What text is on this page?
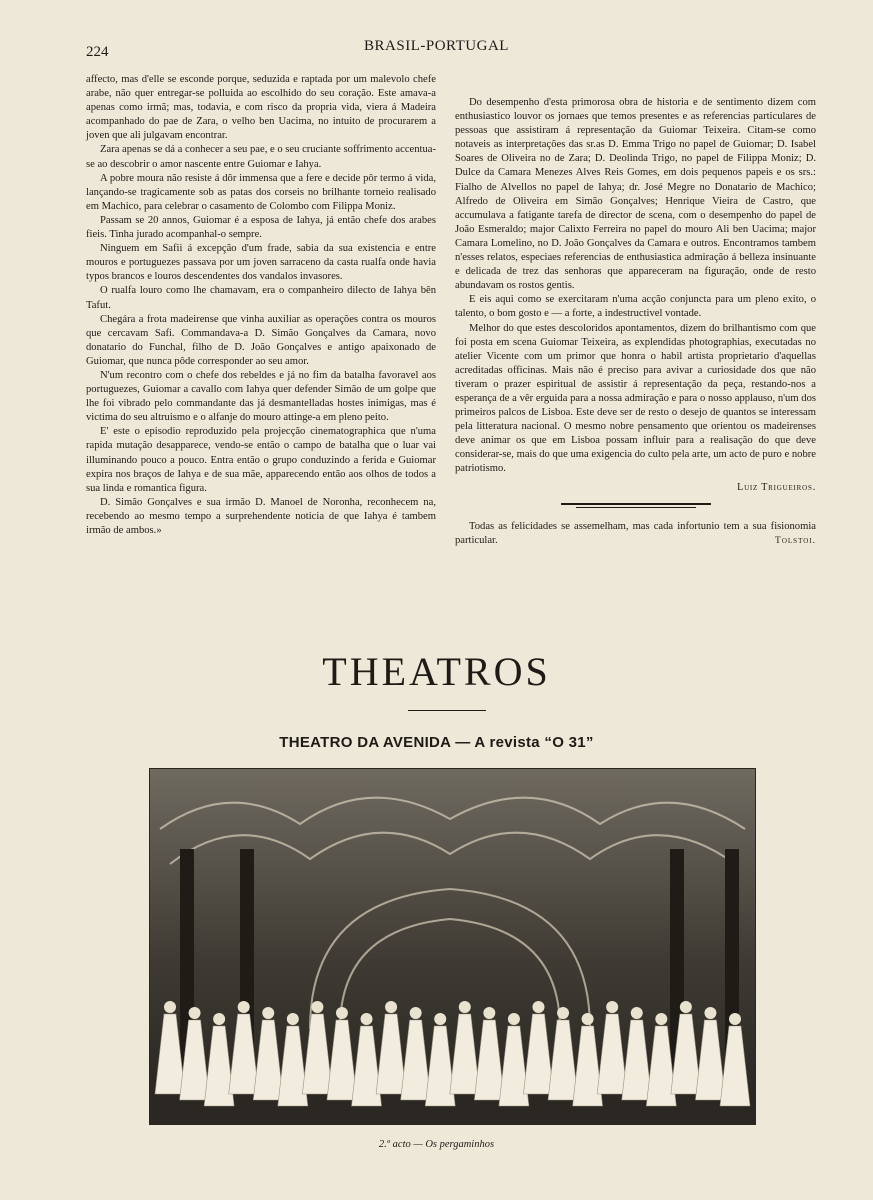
224	BRASIL-PORTUGAL

affecto, mas d'elle se esconde porque, seduzida e raptada por um malevolo chefe arabe, não quer entregar-se polluida ao escolhido do seu coração. Este amava-a apenas como irmã; mas, todavia, e com risco da propria vida, viera á Madeira acompanhado do pae de Zara, o velho ben Uacima, no intuito de procurarem a joven que ali julgavam encontrar.

Zara apenas se dá a conhecer a seu pae, e o seu cruciante soffrimento accentua-se ao descobrir o amor nascente entre Guiomar e Iahya.

A pobre moura não resiste á dôr immensa que a fere e decide pôr termo á vida, lançando-se tragicamente sob as patas dos corseis no brilhante torneio realisado em Machico, para celebrar o casamento de Colombo com Filippa Moniz.

Passam se 20 annos, Guiomar é a esposa de Iahya, já então chefe dos arabes fieis. Tinha jurado acompanhal-o sempre.

Ninguem em Safii á excepção d'um frade, sabia da sua existencia e entre mouros e portuguezes passava por um joven sarraceno da casta rualfa onde havia typos brancos e louros descendentes dos vandalos invasores.

O rualfa louro como lhe chamavam, era o companheiro dilecto de Iahya bên Tafut.

Chegára a frota madeirense que vinha auxiliar as operações contra os mouros que cercavam Safi. Commandava-a D. Simão Gonçalves da Camara, novo donatario do Funchal, filho de D. João Gonçalves e antigo apaixonado de Guiomar, que nunca pôde corresponder ao seu amor.

N'um recontro com o chefe dos rebeldes e já no fim da batalha favoravel aos portuguezes, Guiomar a cavallo com Iahya quer defender Simão de um golpe que lhe foi vibrado pelo commandante das já desmantelladas hostes inimigas, mas é victima do seu altruismo e o alfanje do mouro attinge-a em pleno peito.

E' este o episodio reproduzido pela projecção cinematographica que n'uma rapida mutação desapparece, vendo-se então o campo de batalha que o luar vai illuminando pouco a pouco. Entra então o grupo conduzindo a ferida e Guiomar expira nos braços de Iahya e de sua mãe, apparecendo então aos olhos de todos a sua linda e romantica figura.

D. Simão Gonçalves e sua irmão D. Manoel de Noronha, reconhecem na, recebendo ao mesmo tempo a surprehendente noticia de que Iahya é tambem irmão de ambos.»

Do desempenho d'esta primorosa obra de historia e de sentimento dizem com enthusiastico louvor os jornaes que temos presentes e as referencias particulares de pessoas que assistiram á representação da Guiomar Teixeira. Citam-se como notaveis as interpretações das sr.as D. Emma Trigo no papel de Guiomar; D. Isabel Soares de Oliveira no de Zara; D. Deolinda Trigo, no papel de Filippa Moniz; D. Dulce da Camara Menezes Alves Reis Gomes, em dois pequenos papeis e os srs.: Fialho de Alvellos no papel de Iahya; dr. José Megre no Donatario de Machico; Alfredo de Oliveira em Simão Gonçalves; Henrique Vieira de Castro, que accumulava a fatigante tarefa de director de scena, com o desempenho do papel de João Esmeraldo; major Calixto Ferreira no papel do mouro Ali ben Uacima; major Camara Lomelino, no D. João Gonçalves da Camara e outros. Encontramos tambem n'esses relatos, especiaes referencias de enthusiastica admiração á belleza insinuante e delicada de trez das senhoras que appareceram na figuração, onde de resto abundavam os rostos gentis.

E eis aqui como se exercitaram n'uma acção conjuncta para um pleno exito, o talento, o bom gosto e — a forte, a indestructivel vontade.

Melhor do que estes descoloridos apontamentos, dizem do brilhantismo com que foi posta em scena Guiomar Teixeira, as explendidas photographias, executadas no atelier Vicente com um primor que honra o habil artista proprietario d'aquellas acreditadas officinas. Mais não é preciso para avivar a curiosidade dos que não tiveram o prazer espiritual de assistir á representação da peça, restando-nos a esperança de a vêr erguida para a nossa admiração e para o nosso applauso, n'um dos primeiros palcos de Lisboa. Este deve ser de resto o desejo de quantos se interessam pela litteratura nacional. O mesmo nobre pensamento que orientou os madeirenses deve animar os que em Lisboa possam influir para a realisação do que deve considerar-se, mais do que uma exigencia do culto pela arte, um acto de puro e nobre patriotismo.

Luiz Trigueiros.

Todas as felicidades se assemelham, mas cada infortunio tem a sua fisionomia particular.	Tolstoi.

THEATROS
THEATRO DA AVENIDA — A revista “O 31”
2.º acto — Os pergaminhos
